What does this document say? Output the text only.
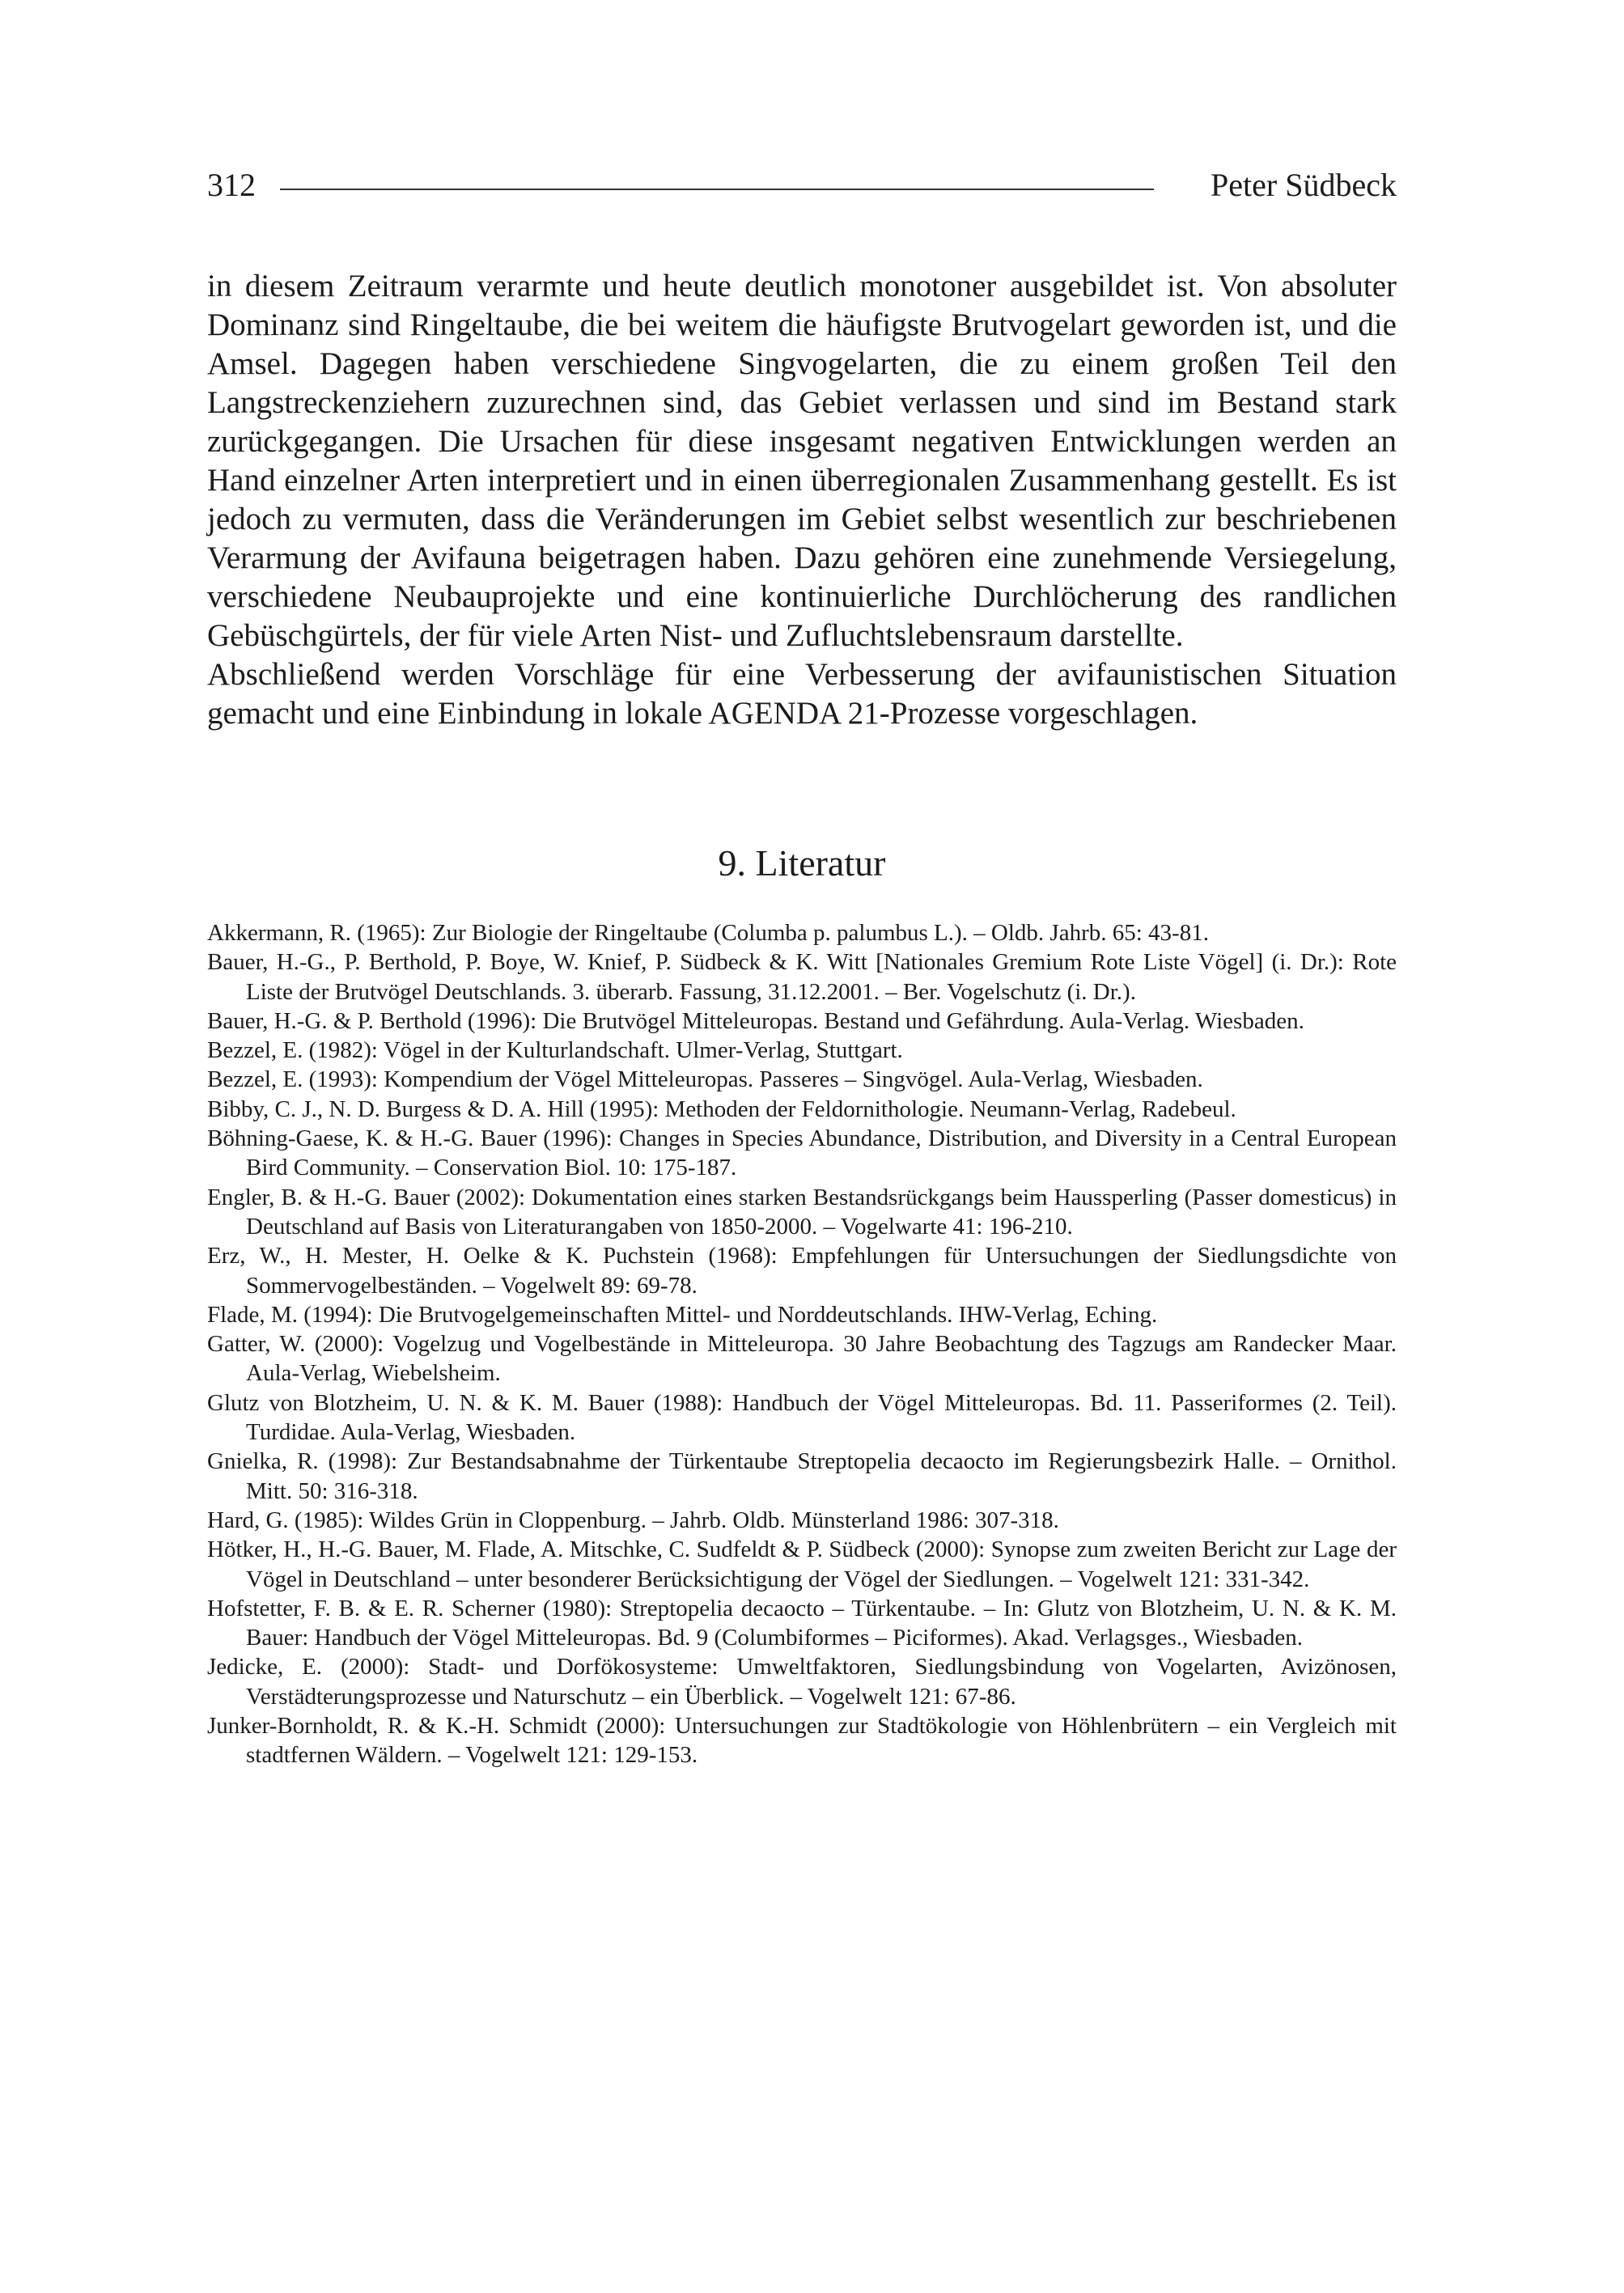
312	Peter Südbeck

in diesem Zeitraum verarmte und heute deutlich monotoner ausgebildet ist. Von absoluter Dominanz sind Ringeltaube, die bei weitem die häufigste Brutvogelart geworden ist, und die Amsel. Dagegen haben verschiedene Singvogelarten, die zu einem großen Teil den Langstreckenziehern zuzurechnen sind, das Gebiet verlassen und sind im Bestand stark zurückgegangen. Die Ursachen für diese insgesamt negativen Entwicklungen werden an Hand einzelner Arten interpretiert und in einen überregionalen Zusammenhang gestellt. Es ist jedoch zu vermuten, dass die Veränderungen im Gebiet selbst wesentlich zur beschriebenen Verarmung der Avifauna beigetragen haben. Dazu gehören eine zunehmende Versiegelung, verschiedene Neubauprojekte und eine kontinuierliche Durchlöcherung des randlichen Gebüschgürtels, der für viele Arten Nist- und Zufluchtslebensraum darstellte.

Abschließend werden Vorschläge für eine Verbesserung der avifaunistischen Situation gemacht und eine Einbindung in lokale AGENDA 21-Prozesse vorgeschlagen.

9. Literatur

Akkermann, R. (1965): Zur Biologie der Ringeltaube (Columba p. palumbus L.). – Oldb. Jahrb. 65: 43-81.

Bauer, H.-G., P. Berthold, P. Boye, W. Knief, P. Südbeck & K. Witt [Nationales Gremium Rote Liste Vögel] (i. Dr.): Rote Liste der Brutvögel Deutschlands. 3. überarb. Fassung, 31.12.2001. – Ber. Vogelschutz (i. Dr.).

Bauer, H.-G. & P. Berthold (1996): Die Brutvögel Mitteleuropas. Bestand und Gefährdung. Aula-Verlag. Wiesbaden.

Bezzel, E. (1982): Vögel in der Kulturlandschaft. Ulmer-Verlag, Stuttgart.

Bezzel, E. (1993): Kompendium der Vögel Mitteleuropas. Passeres – Singvögel. Aula-Verlag, Wiesbaden.

Bibby, C. J., N. D. Burgess & D. A. Hill (1995): Methoden der Feldornithologie. Neumann-Verlag, Radebeul.

Böhning-Gaese, K. & H.-G. Bauer (1996): Changes in Species Abundance, Distribution, and Diversity in a Central European Bird Community. – Conservation Biol. 10: 175-187.

Engler, B. & H.-G. Bauer (2002): Dokumentation eines starken Bestandsrückgangs beim Haussperling (Passer domesticus) in Deutschland auf Basis von Literaturangaben von 1850-2000. – Vogelwarte 41: 196-210.

Erz, W., H. Mester, H. Oelke & K. Puchstein (1968): Empfehlungen für Untersuchungen der Siedlungsdichte von Sommervogelbeständen. – Vogelwelt 89: 69-78.

Flade, M. (1994): Die Brutvogelgemeinschaften Mittel- und Norddeutschlands. IHW-Verlag, Eching.

Gatter, W. (2000): Vogelzug und Vogelbestände in Mitteleuropa. 30 Jahre Beobachtung des Tagzugs am Randecker Maar. Aula-Verlag, Wiebelsheim.

Glutz von Blotzheim, U. N. & K. M. Bauer (1988): Handbuch der Vögel Mitteleuropas. Bd. 11. Passeriformes (2. Teil). Turdidae. Aula-Verlag, Wiesbaden.

Gnielka, R. (1998): Zur Bestandsabnahme der Türkentaube Streptopelia decaocto im Regierungsbezirk Halle. – Ornithol. Mitt. 50: 316-318.

Hard, G. (1985): Wildes Grün in Cloppenburg. – Jahrb. Oldb. Münsterland 1986: 307-318.

Hötker, H., H.-G. Bauer, M. Flade, A. Mitschke, C. Sudfeldt & P. Südbeck (2000): Synopse zum zweiten Bericht zur Lage der Vögel in Deutschland – unter besonderer Berücksichtigung der Vögel der Siedlungen. – Vogelwelt 121: 331-342.

Hofstetter, F. B. & E. R. Scherner (1980): Streptopelia decaocto – Türkentaube. – In: Glutz von Blotzheim, U. N. & K. M. Bauer: Handbuch der Vögel Mitteleuropas. Bd. 9 (Columbiformes – Piciformes). Akad. Verlagsges., Wiesbaden.

Jedicke, E. (2000): Stadt- und Dorfökosysteme: Umweltfaktoren, Siedlungsbindung von Vogelarten, Avizönosen, Verstädterungsprozesse und Naturschutz – ein Überblick. – Vogelwelt 121: 67-86.

Junker-Bornholdt, R. & K.-H. Schmidt (2000): Untersuchungen zur Stadtökologie von Höhlenbrütern – ein Vergleich mit stadtfernen Wäldern. – Vogelwelt 121: 129-153.
